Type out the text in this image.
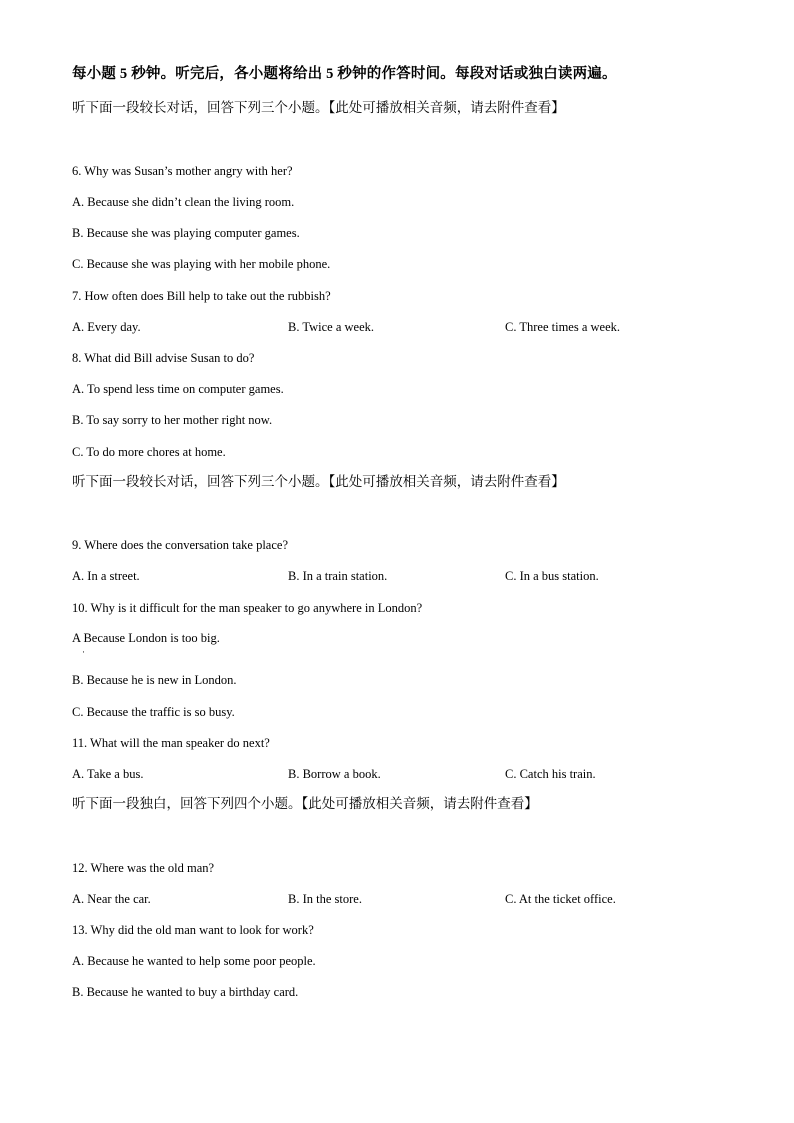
每小题 5 秒钟。听完后，各小题将给出 5 秒钟的作答时间。每段对话或独白读两遍。
听下面一段较长对话，回答下列三个小题。【此处可播放相关音频，请去附件查看】
6. Why was Susan’s mother angry with her?
A. Because she didn’t clean the living room.
B. Because she was playing computer games.
C. Because she was playing with her mobile phone.
7. How often does Bill help to take out the rubbish?
A. Every day.	B. Twice a week.	C. Three times a week.
8. What did Bill advise Susan to do?
A. To spend less time on computer games.
B. To say sorry to her mother right now.
C. To do more chores at home.
听下面一段较长对话，回答下列三个小题。【此处可播放相关音频，请去附件查看】
9. Where does the conversation take place?
A. In a street.	B. In a train station.	C. In a bus station.
10. Why is it difficult for the man speaker to go anywhere in London?
A Because London is too big.
·
B. Because he is new in London.
C. Because the traffic is so busy.
11. What will the man speaker do next?
A. Take a bus.	B. Borrow a book.	C. Catch his train.
听下面一段独白，回答下列四个小题。【此处可播放相关音频，请去附件查看】
12. Where was the old man?
A. Near the car.	B. In the store.	C. At the ticket office.
13. Why did the old man want to look for work?
A. Because he wanted to help some poor people.
B. Because he wanted to buy a birthday card.
